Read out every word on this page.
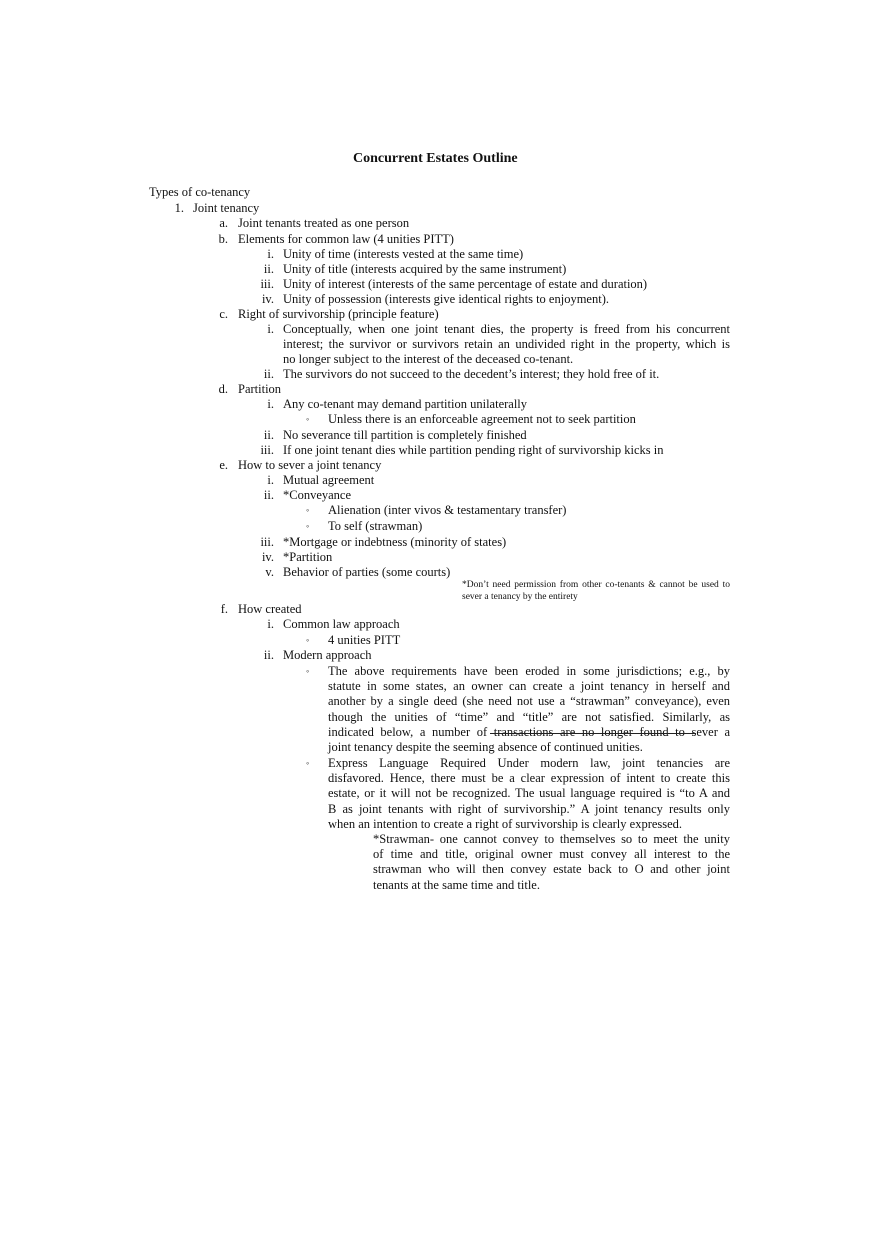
Concurrent Estates Outline
Types of co-tenancy
1. Joint tenancy
a. Joint tenants treated as one person
b. Elements for common law (4 unities PITT)
i. Unity of time (interests vested at the same time)
ii. Unity of title (interests acquired by the same instrument)
iii. Unity of interest (interests of the same percentage of estate and duration)
iv. Unity of possession (interests give identical rights to enjoyment).
c. Right of survivorship (principle feature)
i. Conceptually, when one joint tenant dies, the property is freed from his concurrent
interest; the survivor or survivors retain an undivided right in the property, which is
no longer subject to the interest of the deceased co-tenant.
ii. The survivors do not succeed to the decedent’s interest; they hold free of it.
d. Partition
i. Any co-tenant may demand partition unilaterally
◦ Unless there is an enforceable agreement not to seek partition
ii. No severance till partition is completely finished
iii. If one joint tenant dies while partition pending right of survivorship kicks in
e. How to sever a joint tenancy
i. Mutual agreement
ii. *Conveyance
◦ Alienation (inter vivos & testamentary transfer)
◦ To self (strawman)
iii. *Mortgage or indebtness (minority of states)
iv. *Partition
v. Behavior of parties (some courts)
*Don’t need permission from other co-tenants & cannot be used to
sever a tenancy by the entirety
f. How created
i. Common law approach
◦ 4 unities PITT
ii. Modern approach
◦ The above requirements have been eroded in some jurisdictions; e.g., by
statute in some states, an owner can create a joint tenancy in herself and
another by a single deed (she need not use a “strawman” conveyance), even
though the unities of “time” and “title” are not satisfied. Similarly, as
indicated below, a number of transactions are no longer found to sever a
joint tenancy despite the seeming absence of continued unities.
◦ Express Language Required Under modern law, joint tenancies are
disfavored. Hence, there must be a clear expression of intent to create this
estate, or it will not be recognized. The usual language required is “to A and
B as joint tenants with right of survivorship.” A joint tenancy results only
when an intention to create a right of survivorship is clearly expressed.
*Strawman- one cannot convey to themselves so to meet the unity
of time and title, original owner must convey all interest to the
strawman who will then convey estate back to O and other joint
tenants at the same time and title.
